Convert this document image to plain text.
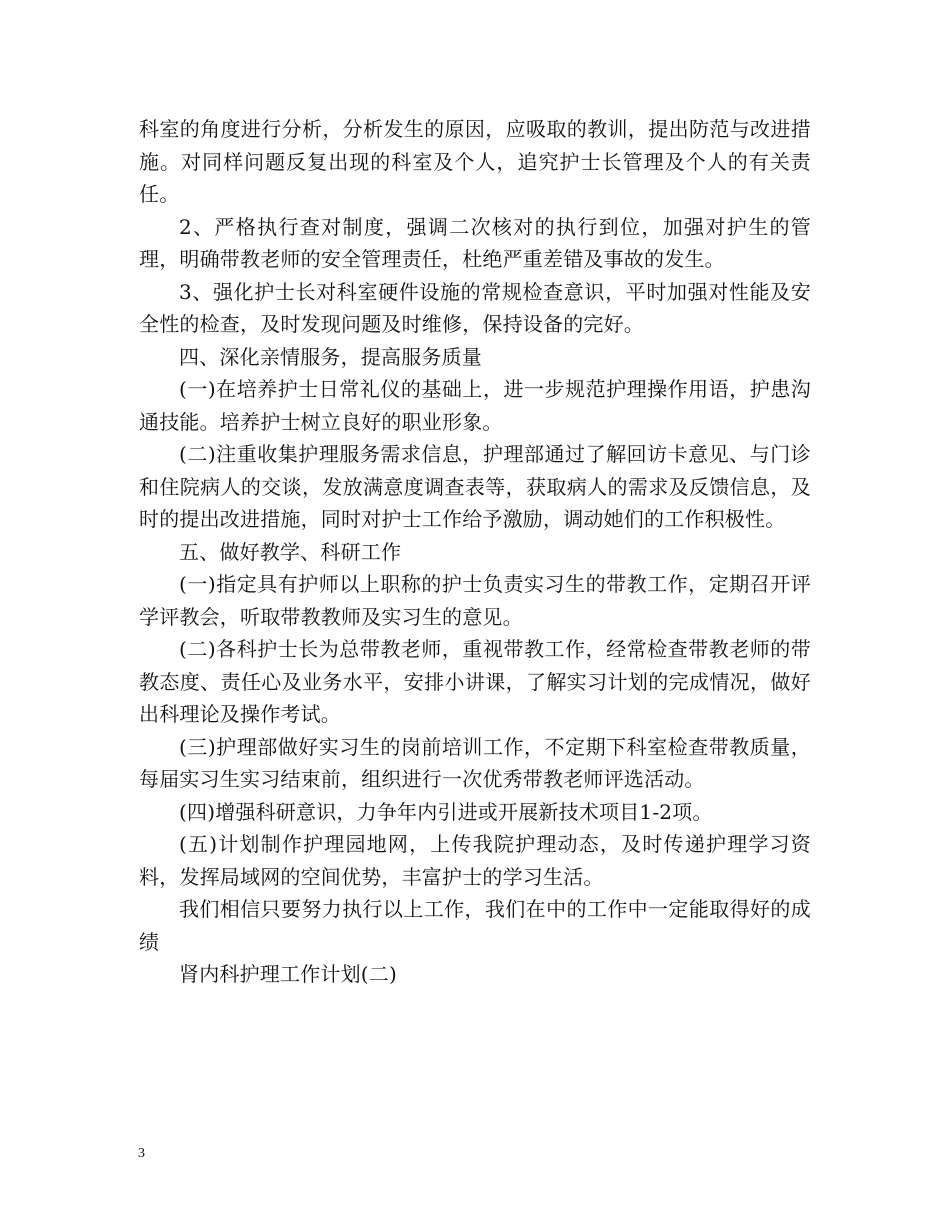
科室的角度进行分析，分析发生的原因，应吸取的教训，提出防范与改进措施。对同样问题反复出现的科室及个人，追究护士长管理及个人的有关责任。

2、严格执行查对制度，强调二次核对的执行到位，加强对护生的管理，明确带教老师的安全管理责任，杜绝严重差错及事故的发生。

3、强化护士长对科室硬件设施的常规检查意识，平时加强对性能及安全性的检查，及时发现问题及时维修，保持设备的完好。

四、深化亲情服务，提高服务质量

(一)在培养护士日常礼仪的基础上，进一步规范护理操作用语，护患沟通技能。培养护士树立良好的职业形象。

(二)注重收集护理服务需求信息，护理部通过了解回访卡意见、与门诊和住院病人的交谈，发放满意度调查表等，获取病人的需求及反馈信息，及时的提出改进措施，同时对护士工作给予激励，调动她们的工作积极性。

五、做好教学、科研工作

(一)指定具有护师以上职称的护士负责实习生的带教工作，定期召开评学评教会，听取带教教师及实习生的意见。

(二)各科护士长为总带教老师，重视带教工作，经常检查带教老师的带教态度、责任心及业务水平，安排小讲课，了解实习计划的完成情况，做好出科理论及操作考试。

(三)护理部做好实习生的岗前培训工作，不定期下科室检查带教质量，每届实习生实习结束前，组织进行一次优秀带教老师评选活动。

(四)增强科研意识，力争年内引进或开展新技术项目1-2项。

(五)计划制作护理园地网，上传我院护理动态，及时传递护理学习资料，发挥局域网的空间优势，丰富护士的学习生活。

我们相信只要努力执行以上工作，我们在中的工作中一定能取得好的成绩

肾内科护理工作计划(二)

3
